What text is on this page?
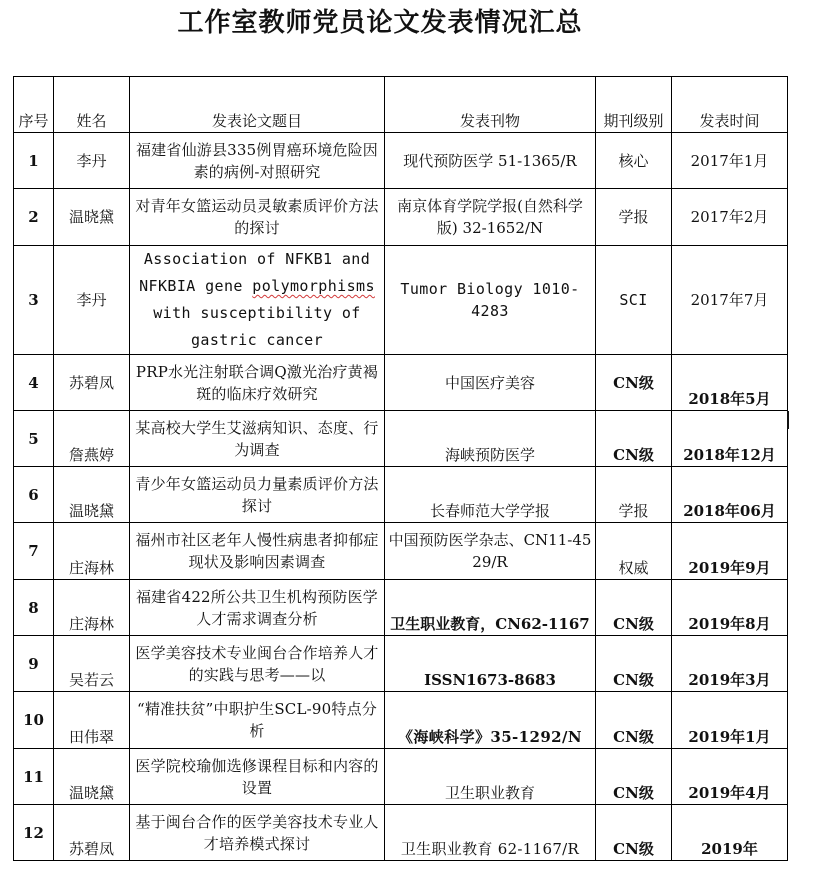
工作室教师党员论文发表情况汇总
序号	姓名	发表论文题目	发表刊物	期刊级别	发表时间
1	李丹	福建省仙游县335例胃癌环境危险因素的病例-对照研究	现代预防医学 51-1365/R	核心	2017年1月
2	温晓黛	对青年女篮运动员灵敏素质评价方法的探讨	南京体育学院学报(自然科学版) 32-1652/N	学报	2017年2月
3	李丹	Association of NFKB1 and NFKBIA gene polymorphisms with susceptibility of gastric cancer	Tumor Biology 1010-4283	SCI	2017年7月
4	苏碧凤	PRP水光注射联合调Q激光治疗黄褐斑的临床疗效研究	中国医疗美容	CN级	2018年5月
5	詹燕婷	某高校大学生艾滋病知识、态度、行为调查	海峡预防医学	CN级	2018年12月
6	温晓黛	青少年女篮运动员力量素质评价方法探讨	长春师范大学学报	学报	2018年06月
7	庄海林	福州市社区老年人慢性病患者抑郁症现状及影响因素调查	中国预防医学杂志、CN11-4529/R	权威	2019年9月
8	庄海林	福建省422所公共卫生机构预防医学人才需求调查分析	卫生职业教育，CN62-1167	CN级	2019年8月
9	吴若云	医学美容技术专业闽台合作培养人才的实践与思考——以	ISSN1673-8683	CN级	2019年3月
10	田伟翠	“精准扶贫”中职护生SCL-90特点分析	《海峡科学》35-1292/N	CN级	2019年1月
11	温晓黛	医学院校瑜伽选修课程目标和内容的设置	卫生职业教育	CN级	2019年4月
12	苏碧凤	基于闽台合作的医学美容技术专业人才培养模式探讨	卫生职业教育 62-1167/R	CN级	2019年
